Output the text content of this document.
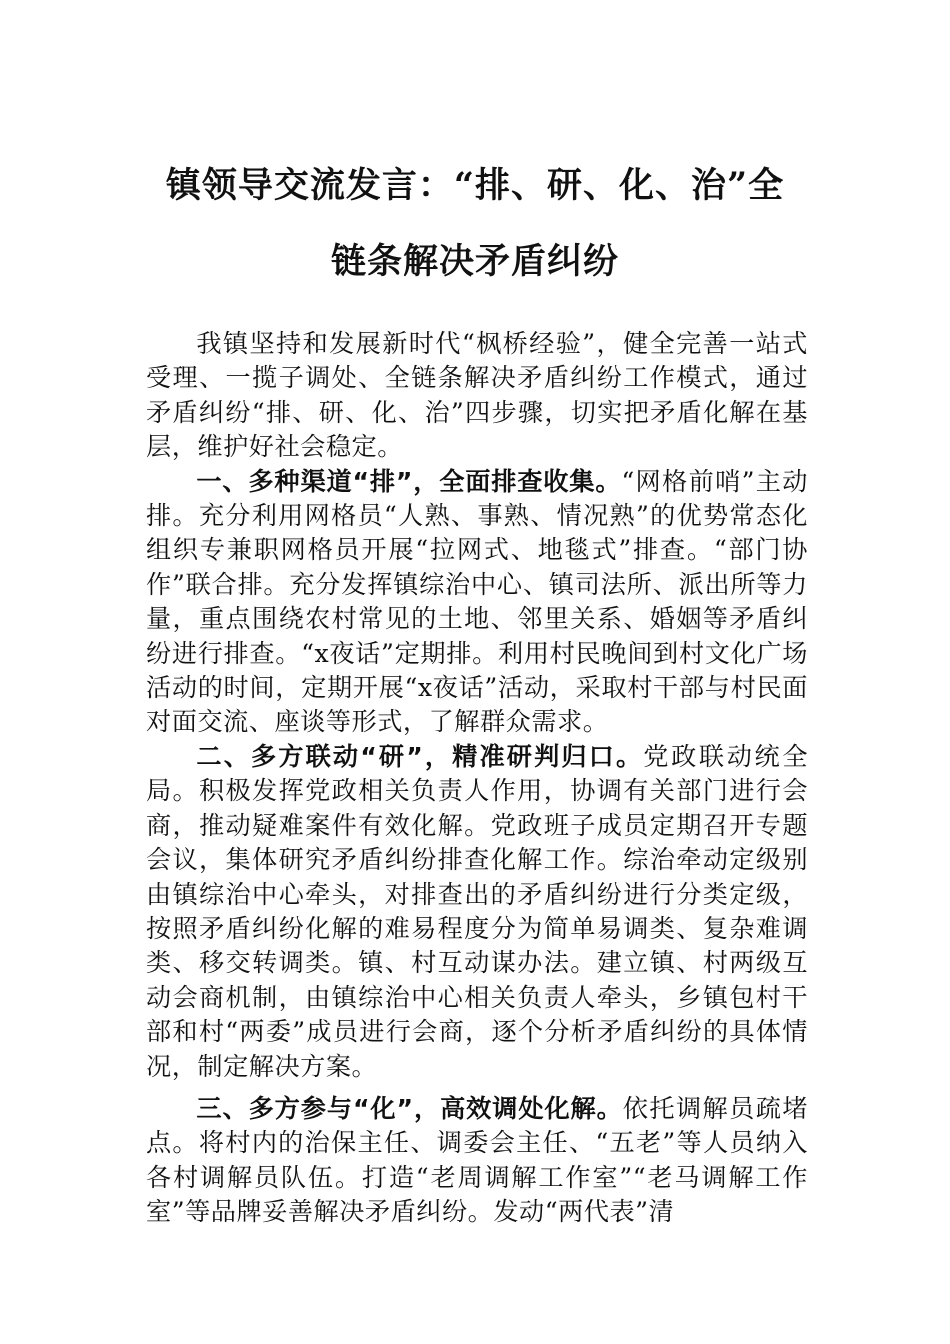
镇领导交流发言：“排、研、化、治”全
链条解决矛盾纠纷

我镇坚持和发展新时代“枫桥经验”，健全完善一站式受理、一揽子调处、全链条解决矛盾纠纷工作模式，通过矛盾纠纷“排、研、化、治”四步骤，切实把矛盾化解在基层，维护好社会稳定。

一、多种渠道“排”，全面排查收集。“网格前哨”主动排。充分利用网格员“人熟、事熟、情况熟”的优势常态化组织专兼职网格员开展“拉网式、地毯式”排查。“部门协作”联合排。充分发挥镇综治中心、镇司法所、派出所等力量，重点围绕农村常见的土地、邻里关系、婚姻等矛盾纠纷进行排查。“x夜话”定期排。利用村民晚间到村文化广场活动的时间，定期开展“x夜话”活动，采取村干部与村民面对面交流、座谈等形式，了解群众需求。

二、多方联动“研”，精准研判归口。党政联动统全局。积极发挥党政相关负责人作用，协调有关部门进行会商，推动疑难案件有效化解。党政班子成员定期召开专题会议，集体研究矛盾纠纷排查化解工作。综治牵动定级别由镇综治中心牵头，对排查出的矛盾纠纷进行分类定级，按照矛盾纠纷化解的难易程度分为简单易调类、复杂难调类、移交转调类。镇、村互动谋办法。建立镇、村两级互动会商机制，由镇综治中心相关负责人牵头，乡镇包村干部和村“两委”成员进行会商，逐个分析矛盾纠纷的具体情况，制定解决方案。

三、多方参与“化”，高效调处化解。依托调解员疏堵点。将村内的治保主任、调委会主任、“五老”等人员纳入各村调解员队伍。打造“老周调解工作室”“老马调解工作室”等品牌妥善解决矛盾纠纷。发动“两代表”清
